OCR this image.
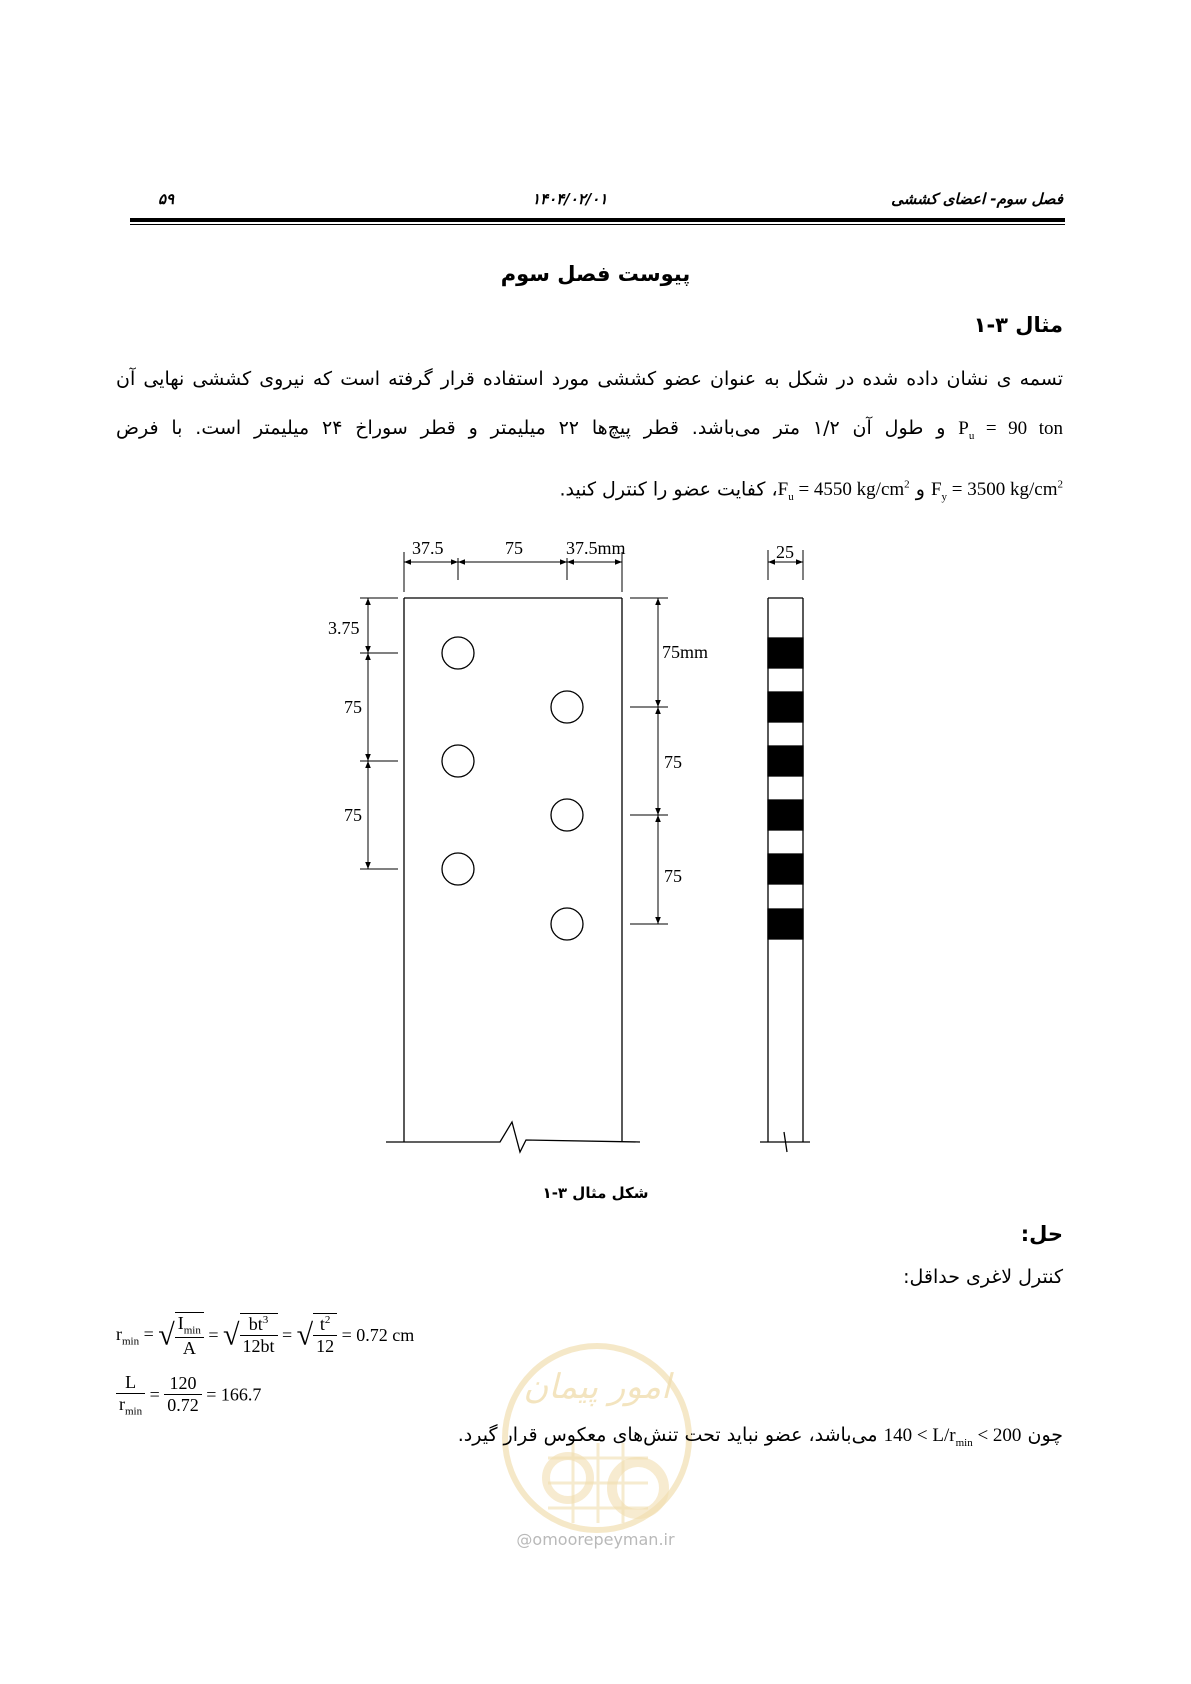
۵۹	۱۴۰۴/۰۲/۰۱	فصل سوم- اعضای کششی
پیوست فصل سوم
مثال ۳-۱
تسمه ی نشان داده شده در شکل به عنوان عضو کششی مورد استفاده قرار گرفته است که نیروی کششی نهایی آن
$P_u = 90$ ton و طول آن ۱/۲ متر می‌باشد. قطر پیچ‌ها ۲۲ میلیمتر و قطر سوراخ ۲۴ میلیمتر است. با فرض
$F_y = 3500$ $kg/cm^2$ و $F_u = 4550$ $kg/cm^2،$ کفایت عضو را کنترل کنید.
37.5	75 37.5mm
3.75
75
75
75mm
75
75
25
شکل مثال ۳-۱
حل:
کنترل لاغری حداقل:
$r_{min}$ = √ $\frac{I_{min}}{A}$ = √ $\frac{bt^3}{12bt}$ = √ $\frac{t^2}{12} = 0.72$ cm
$\frac{L}{r_{min}} = \frac{120}{0.72} = 166.7$	امور پیمان
چون $140 < L/r_{min} < 200$ می‌باشد، عضو نباید تحت تنش‌های معکوس قرار گیرد.
@omoorepeyman.ir
